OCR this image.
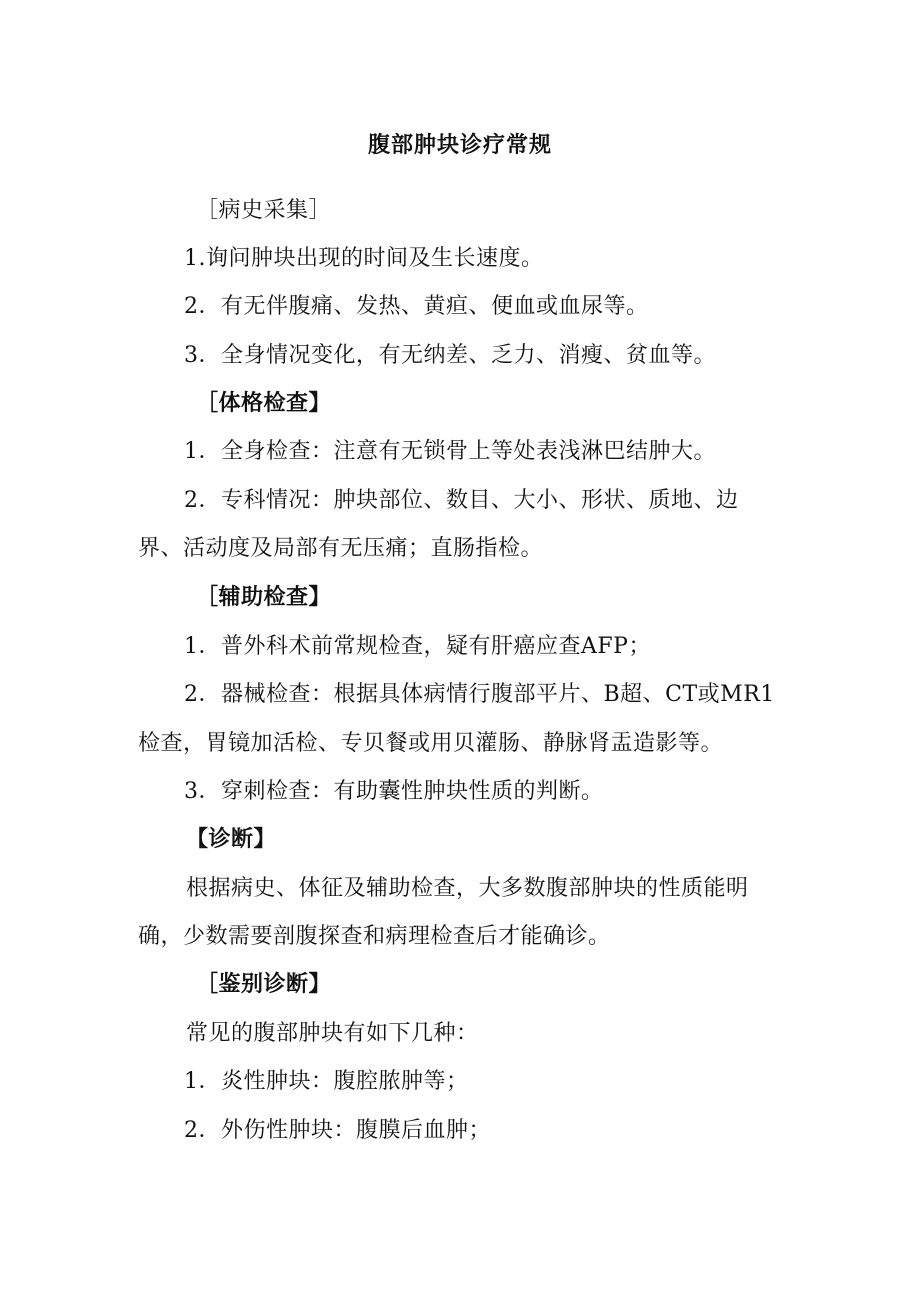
腹部肿块诊疗常规
［病史采集］
1.询问肿块出现的时间及生长速度。
2．有无伴腹痛、发热、黄疸、便血或血尿等。
3．全身情况变化，有无纳差、乏力、消瘦、贫血等。
［体格检查】
1．全身检查：注意有无锁骨上等处表浅淋巴结肿大。
2．专科情况：肿块部位、数目、大小、形状、质地、边
界、活动度及局部有无压痛；直肠指检。
［辅助检查】
1．普外科术前常规检查，疑有肝癌应查AFP；
2．器械检查：根据具体病情行腹部平片、B超、CT或MR1
检查，胃镜加活检、专贝餐或用贝灌肠、静脉肾盂造影等。
3．穿刺检查：有助囊性肿块性质的判断。
【诊断】
根据病史、体征及辅助检查，大多数腹部肿块的性质能明
确，少数需要剖腹探查和病理检查后才能确诊。
［鉴别诊断】
常见的腹部肿块有如下几种：
1．炎性肿块：腹腔脓肿等；
2．外伤性肿块：腹膜后血肿；
